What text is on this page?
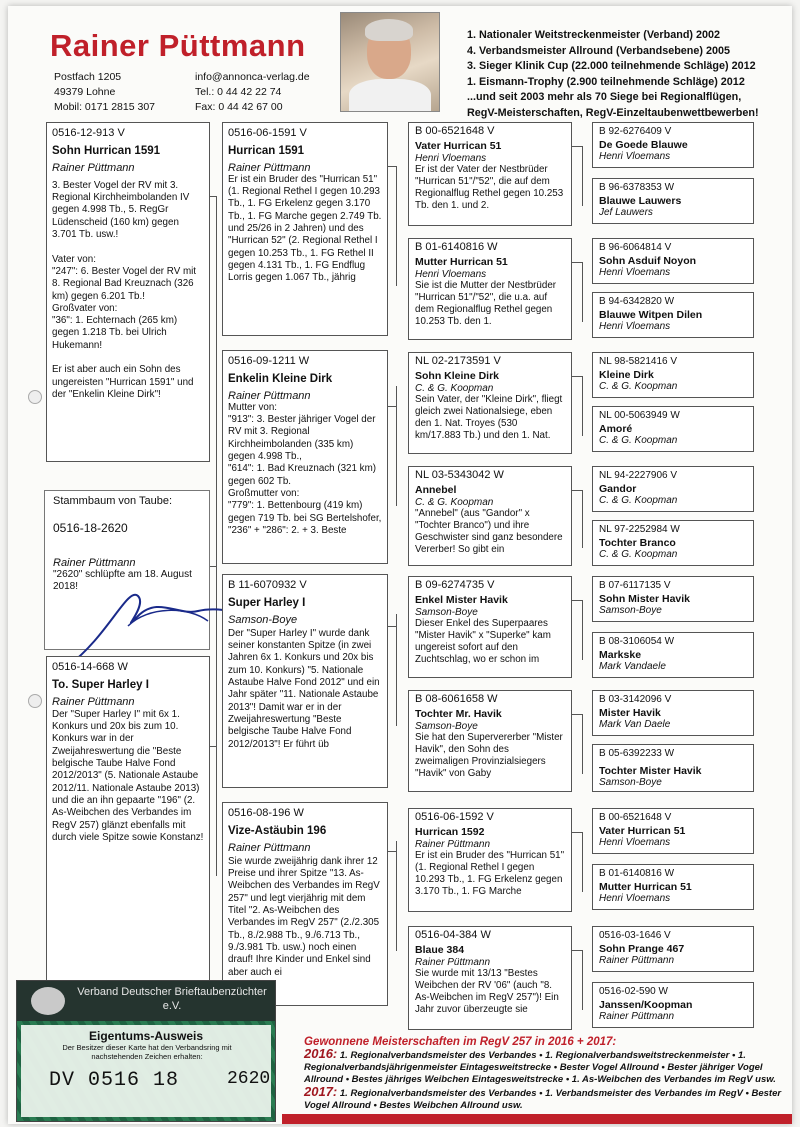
Rainer Püttmann
Postfach 1205
49379 Lohne
Mobil: 0171 2815 307
info@annonca-verlag.de
Tel.: 0 44 42 22 74
Fax: 0 44 42 67 00
1. Nationaler Weitstreckenmeister (Verband) 2002
4. Verbandsmeister Allround (Verbandsebene) 2005
3. Sieger Klinik Cup (22.000 teilnehmende Schläge) 2012
1. Eismann-Trophy (2.900 teilnehmende Schläge) 2012
...und seit 2003 mehr als 70 Siege bei Regionalflügen,
RegV-Meisterschaften, RegV-Einzeltaubenwettbewerben!
0516-12-913 V
Sohn Hurrican 1591
Rainer Püttmann
3. Bester Vogel der RV mit 3. Regional Kirchheimbolanden IV gegen 4.998 Tb., 5. RegGr Lüdenscheid (160 km) gegen 3.701 Tb. usw.!

Vater von:
"247": 6. Bester Vogel der RV mit 8. Regional Bad Kreuznach (326 km) gegen 6.201 Tb.!
Großvater von:
"36": 1. Echternach (265 km) gegen 1.218 Tb. bei Ulrich Hukemann!

Er ist aber auch ein Sohn des ungereisten "Hurrican 1591" und der "Enkelin Kleine Dirk"!
Stammbaum von Taube:
0516-18-2620
Rainer Püttmann
"2620" schlüpfte am 18. August 2018!
0516-14-668 W
To. Super Harley I
Rainer Püttmann
Der "Super Harley I" mit 6x 1. Konkurs und 20x bis zum 10. Konkurs war in der Zweijahreswertung die "Beste belgische Taube Halve Fond 2012/2013" (5. Nationale Astaube 2012/11. Nationale Astaube 2013) und die an ihn gepaarte "196" (2. As-Weibchen des Verbandes im RegV 257) glänzt ebenfalls mit durch viele Spitze sowie Konstanz!
0516-06-1591 V
Hurrican 1591
Rainer Püttmann
Er ist ein Bruder des "Hurrican 51" (1. Regional Rethel I gegen 10.293 Tb., 1. FG Erkelenz gegen 3.170 Tb., 1. FG Marche gegen 2.749 Tb. und 25/26 in 2 Jahren) und des "Hurrican 52" (2. Regional Rethel I gegen 10.253 Tb., 1. FG Rethel II gegen 4.131 Tb., 1. FG Endflug Lorris gegen 1.067 Tb., jährig
0516-09-1211 W
Enkelin Kleine Dirk
Rainer Püttmann
Mutter von:
"913": 3. Bester jähriger Vogel der RV mit 3. Regional Kirchheimbolanden (335 km) gegen 4.998 Tb.,
"614": 1. Bad Kreuznach (321 km) gegen 602 Tb.
Großmutter von:
"779": 1. Bettenbourg (419 km) gegen 719 Tb. bei SG Bertelshofer,
"236" + "286": 2. + 3. Beste
B 11-6070932 V
Super Harley I
Samson-Boye
Der "Super Harley I" wurde dank seiner konstanten Spitze (in zwei Jahren 6x 1. Konkurs und 20x bis zum 10. Konkurs) "5. Nationale Astaube Halve Fond 2012" und ein Jahr später "11. Nationale Astaube 2013"! Damit war er in der Zweijahreswertung "Beste belgische Taube Halve Fond 2012/2013"! Er führt üb
0516-08-196 W
Vize-Astäubin 196
Rainer Püttmann
Sie wurde zweijährig dank ihrer 12 Preise und ihrer Spitze "13. As-Weibchen des Verbandes im RegV 257" und legt vierjährig mit dem Titel "2. As-Weibchen des Verbandes im RegV 257" (2./2.305 Tb., 8./2.988 Tb., 9./6.713 Tb., 9./3.981 Tb. usw.) noch einen drauf! Ihre Kinder und Enkel sind aber auch ei
B 00-6521648 V
Vater Hurrican 51
Henri Vloemans
Er ist der Vater der Nestbrüder "Hurrican 51"/"52", die auf dem Regionalflug Rethel gegen 10.253 Tb. den 1. und 2.
B 01-6140816 W
Mutter Hurrican 51
Henri Vloemans
Sie ist die Mutter der Nestbrüder "Hurrican 51"/"52", die u.a. auf dem Regionalflug Rethel gegen 10.253 Tb. den 1.
NL 02-2173591 V
Sohn Kleine Dirk
C. & G. Koopman
Sein Vater, der "Kleine Dirk", fliegt gleich zwei Nationalsiege, eben den 1. Nat. Troyes (530 km/17.883 Tb.) und den 1. Nat.
NL 03-5343042 W
Annebel
C. & G. Koopman
"Annebel" (aus "Gandor" x "Tochter Branco") und ihre Geschwister sind ganz besondere Vererber! So gibt ein
B 09-6274735 V
Enkel Mister Havik
Samson-Boye
Dieser Enkel des Superpaares "Mister Havik" x "Superke" kam ungereist sofort auf den Zuchtschlag, wo er schon im
B 08-6061658 W
Tochter Mr. Havik
Samson-Boye
Sie hat den Supervererber "Mister Havik", den Sohn des zweimaligen Provinzialsiegers "Havik" von Gaby
0516-06-1592 V
Hurrican 1592
Rainer Püttmann
Er ist ein Bruder des "Hurrican 51" (1. Regional Rethel I gegen 10.293 Tb., 1. FG Erkelenz gegen 3.170 Tb., 1. FG Marche
0516-04-384 W
Blaue 384
Rainer Püttmann
Sie wurde mit 13/13 "Bestes Weibchen der RV '06" (auch "8. As-Weibchen im RegV 257")! Ein Jahr zuvor überzeugte sie
B 92-6276409 V
De Goede Blauwe
Henri Vloemans
B 96-6378353 W
Blauwe Lauwers
Jef Lauwers
B 96-6064814 V
Sohn Asduif Noyon
Henri Vloemans
B 94-6342820 W
Blauwe Witpen Dilen
Henri Vloemans
NL 98-5821416 V
Kleine Dirk
C. & G. Koopman
NL 00-5063949 W
Amoré
C. & G. Koopman
NL 94-2227906 V
Gandor
C. & G. Koopman
NL 97-2252984 W
Tochter Branco
C. & G. Koopman
B 07-6117135 V
Sohn Mister Havik
Samson-Boye
B 08-3106054 W
Markske
Mark Vandaele
B 03-3142096 V
Mister Havik
Mark Van Daele
B 05-6392233 W
Tochter Mister Havik
Samson-Boye
B 00-6521648 V
Vater Hurrican 51
Henri Vloemans
B 01-6140816 W
Mutter Hurrican 51
Henri Vloemans
0516-03-1646 V
Sohn Prange 467
Rainer Püttmann
0516-02-590 W
Janssen/Koopman
Rainer Püttmann
Verband Deutscher Brieftaubenzüchter e.V.
Eigentums-Ausweis
Der Besitzer dieser Karte hat den Verbandsring mit nachstehenden Zeichen erhalten:
DV 0516 18	2620
Gewonnene Meisterschaften im RegV 257 in 2016 + 2017:
2016: 1. Regionalverbandsmeister des Verbandes • 1. Regionalverbandsweitstreckenmeister • 1. Regionalverbandsjährigenmeister Eintagesweitstrecke • Bester Vogel Allround • Bester jähriger Vogel Allround • Bestes jähriges Weibchen Eintagesweitstrecke • 1. As-Weibchen des Verbandes im RegV usw. 2017: 1. Regionalverbandsmeister des Verbandes • 1. Verbandsmeister des Verbandes im RegV • Bester Vogel Allround • Bestes Weibchen Allround usw.
